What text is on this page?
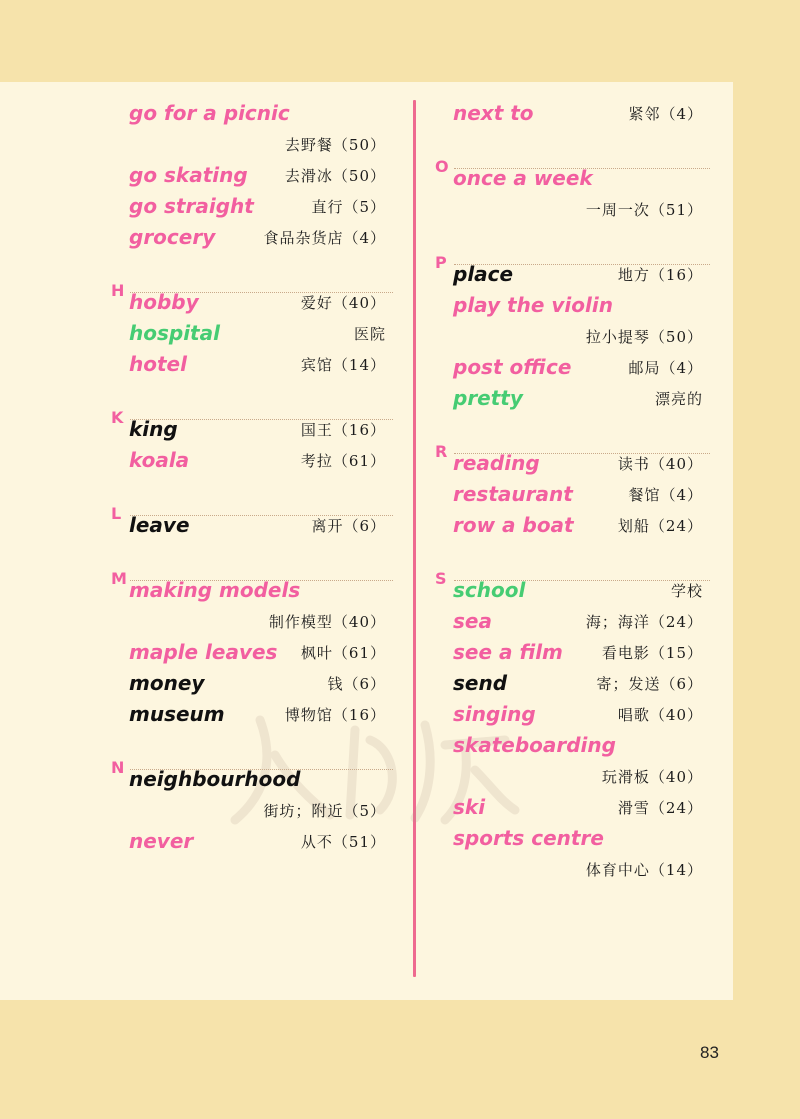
go for a picnic
去野餐（50）
go skating 去滑冰（50）
go straight	直行（5）
grocery	食品杂货店（4）
H hobby	爱好（40）
hospital	医院
hotel	宾馆（14）
K king	国王（16）
koala	考拉（61）
L leave	离开（6）
M making models
制作模型（40）
maple leaves 枫叶（61）
money	钱（6）
museum	博物馆（16）
N neighbourhood
街坊；附近（5）
never	从不（51）
next to	紧邻（4）
O once a week
一周一次（51）
P place	地方（16）
play the violin
拉小提琴（50）
post office	邮局（4）
pretty	漂亮的
R reading	读书（40）
restaurant	餐馆（4）
row a boat	划船（24）
S school	学校
sea	海；海洋（24）
see a film	看电影（15）
send	寄；发送（6）
singing	唱歌（40）
skateboarding
玩滑板（40）
ski	滑雪（24）
sports centre
体育中心（14）
83
